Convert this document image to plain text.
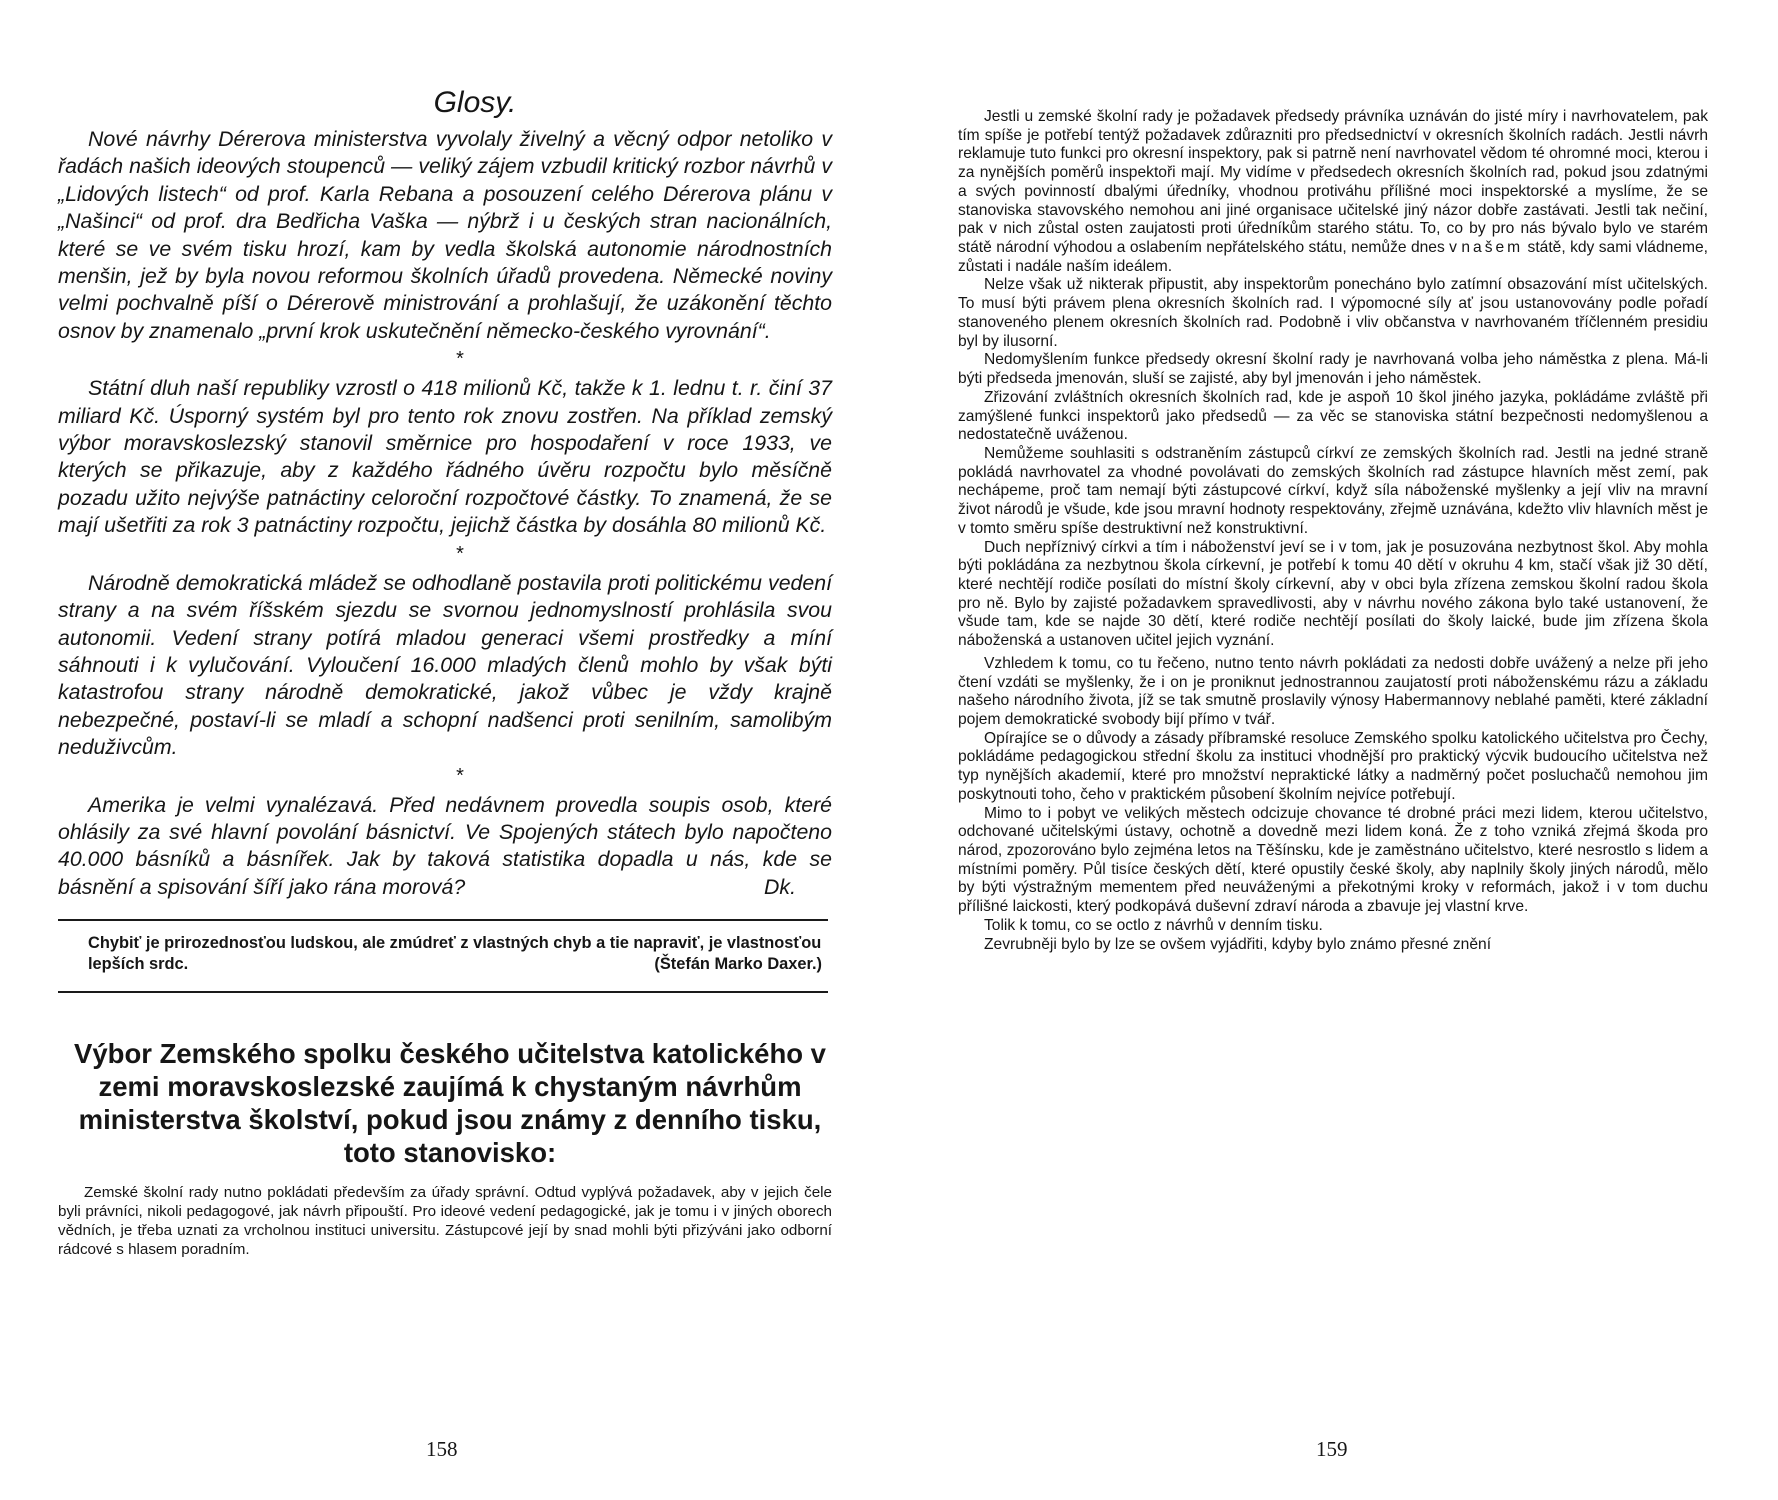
Glosy.

Nové návrhy Dérerova ministerstva vyvolaly živelný a věcný odpor netoliko v řadách našich ideových stoupenců — veliký zájem vzbudil kritický rozbor návrhů v „Lidových listech“ od prof. Karla Rebana a posouzení celého Dérerova plánu v „Našinci“ od prof. dra Bedřicha Vaška — nýbrž i u českých stran nacionálních, které se ve svém tisku hrozí, kam by vedla školská autonomie národnostních menšin, jež by byla novou reformou školních úřadů provedena. Německé noviny velmi pochvalně píší o Dérerově ministrování a prohlašují, že uzákonění těchto osnov by znamenalo „první krok uskutečnění německo-českého vyrovnání“.

*

Státní dluh naší republiky vzrostl o 418 milionů Kč, takže k 1. lednu t. r. činí 37 miliard Kč. Úsporný systém byl pro tento rok znovu zostřen. Na příklad zemský výbor moravskoslezský stanovil směrnice pro hospodaření v roce 1933, ve kterých se přikazuje, aby z každého řádného úvěru rozpočtu bylo měsíčně pozadu užito nejvýše patnáctiny celoroční rozpočtové částky. To znamená, že se mají ušetřiti za rok 3 patnáctiny rozpočtu, jejichž částka by dosáhla 80 milionů Kč.

*

Národně demokratická mládež se odhodlaně postavila proti politickému vedení strany a na svém říšském sjezdu se svornou jednomyslností prohlásila svou autonomii. Vedení strany potírá mladou generaci všemi prostředky a míní sáhnouti i k vylučování. Vyloučení 16.000 mladých členů mohlo by však býti katastrofou strany národně demokratické, jakož vůbec je vždy krajně nebezpečné, postaví-li se mladí a schopní nadšenci proti senilním, samolibým neduživcům.

*

Amerika je velmi vynalézavá. Před nedávnem provedla soupis osob, které ohlásily za své hlavní povolání básnictví. Ve Spojených státech bylo napočteno 40.000 básníků a básnířek. Jak by taková statistika dopadla u nás, kde se básnění a spisování šíří jako rána morová?	Dk.

Chybiť je prirozednosťou ludskou, ale zmúdreť z vlastných chyb a tie napraviť, je vlastnosťou lepších srdc.	(Štefán Marko Daxer.)

Výbor Zemského spolku českého učitelstva katolického v zemi moravskoslezské zaujímá k chystaným návrhům ministerstva školství, pokud jsou známy z denního tisku, toto stanovisko:

Zemské školní rady nutno pokládati především za úřady správní. Odtud vyplývá požadavek, aby v jejich čele byli právníci, nikoli pedagogové, jak návrh připouští. Pro ideové vedení pedagogické, jak je tomu i v jiných oborech vědních, je třeba uznati za vrcholnou instituci universitu. Zástupcové její by snad mohli býti přizýváni jako odborní rádcové s hlasem poradním.

158

Jestli u zemské školní rady je požadavek předsedy právníka uznáván do jisté míry i navrhovatelem, pak tím spíše je potřebí tentýž požadavek zdůrazniti pro předsednictví v okresních školních radách. Jestli návrh reklamuje tuto funkci pro okresní inspektory, pak si patrně není navrhovatel vědom té ohromné moci, kterou i za nynějších poměrů inspektoři mají. My vidíme v předsedech okresních školních rad, pokud jsou zdatnými a svých povinností dbalými úředníky, vhodnou protiváhu přílišné moci inspektorské a myslíme, že se stanoviska stavovského nemohou ani jiné organisace učitelské jiný názor dobře zastávati. Jestli tak nečiní, pak v nich zůstal osten zaujatosti proti úředníkům starého státu. To, co by pro nás bývalo bylo ve starém státě národní výhodou a oslabením nepřátelského státu, nemůže dnes v našem státě, kdy sami vládneme, zůstati i nadále naším ideálem.

Nelze však už nikterak připustit, aby inspektorům ponecháno bylo zatímní obsazování míst učitelských. To musí býti právem plena okresních školních rad. I výpomocné síly ať jsou ustanovovány podle pořadí stanoveného plenem okresních školních rad. Podobně i vliv občanstva v navrhovaném tříčlenném presidiu byl by ilusorní.

Nedomyšlením funkce předsedy okresní školní rady je navrhovaná volba jeho náměstka z plena. Má-li býti předseda jmenován, sluší se zajisté, aby byl jmenován i jeho náměstek.

Zřizování zvláštních okresních školních rad, kde je aspoň 10 škol jiného jazyka, pokládáme zvláště při zamýšlené funkci inspektorů jako předsedů — za věc se stanoviska státní bezpečnosti nedomyšlenou a nedostatečně uváženou.

Nemůžeme souhlasiti s odstraněním zástupců církví ze zemských školních rad. Jestli na jedné straně pokládá navrhovatel za vhodné povolávati do zemských školních rad zástupce hlavních měst zemí, pak nechápeme, proč tam nemají býti zástupcové církví, když síla náboženské myšlenky a její vliv na mravní život národů je všude, kde jsou mravní hodnoty respektovány, zřejmě uznávána, kdežto vliv hlavních měst je v tomto směru spíše destruktivní než konstruktivní.

Duch nepříznivý církvi a tím i náboženství jeví se i v tom, jak je posuzována nezbytnost škol. Aby mohla býti pokládána za nezbytnou škola církevní, je potřebí k tomu 40 dětí v okruhu 4 km, stačí však již 30 dětí, které nechtějí rodiče posílati do místní školy církevní, aby v obci byla zřízena zemskou školní radou škola pro ně. Bylo by zajisté požadavkem spravedlivosti, aby v návrhu nového zákona bylo také ustanovení, že všude tam, kde se najde 30 dětí, které rodiče nechtějí posílati do školy laické, bude jim zřízena škola náboženská a ustanoven učitel jejich vyznání.

Vzhledem k tomu, co tu řečeno, nutno tento návrh pokládati za nedosti dobře uvážený a nelze při jeho čtení vzdáti se myšlenky, že i on je proniknut jednostrannou zaujatostí proti náboženskému rázu a základu našeho národního života, jíž se tak smutně proslavily výnosy Habermannovy neblahé paměti, které základní pojem demokratické svobody bijí přímo v tvář.

Opírajíce se o důvody a zásady příbramské resoluce Zemského spolku katolického učitelstva pro Čechy, pokládáme pedagogickou střední školu za instituci vhodnější pro praktický výcvik budoucího učitelstva než typ nynějších akademií, které pro množství nepraktické látky a nadměrný počet posluchačů nemohou jim poskytnouti toho, čeho v praktickém působení školním nejvíce potřebují.

Mimo to i pobyt ve velikých městech odcizuje chovance té drobné práci mezi lidem, kterou učitelstvo, odchované učitelskými ústavy, ochotně a dovedně mezi lidem koná. Že z toho vzniká zřejmá škoda pro národ, zpozorováno bylo zejména letos na Těšínsku, kde je zaměstnáno učitelstvo, které nesrostlo s lidem a místními poměry. Půl tisíce českých dětí, které opustily české školy, aby naplnily školy jiných národů, mělo by býti výstražným mementem před neuváženými a překotnými kroky v reformách, jakož i v tom duchu přílišné laickosti, který podkopává duševní zdraví národa a zbavuje jej vlastní krve.

Tolik k tomu, co se octlo z návrhů v denním tisku.

Zevrubněji bylo by lze se ovšem vyjádřiti, kdyby bylo známo přesné znění

159
